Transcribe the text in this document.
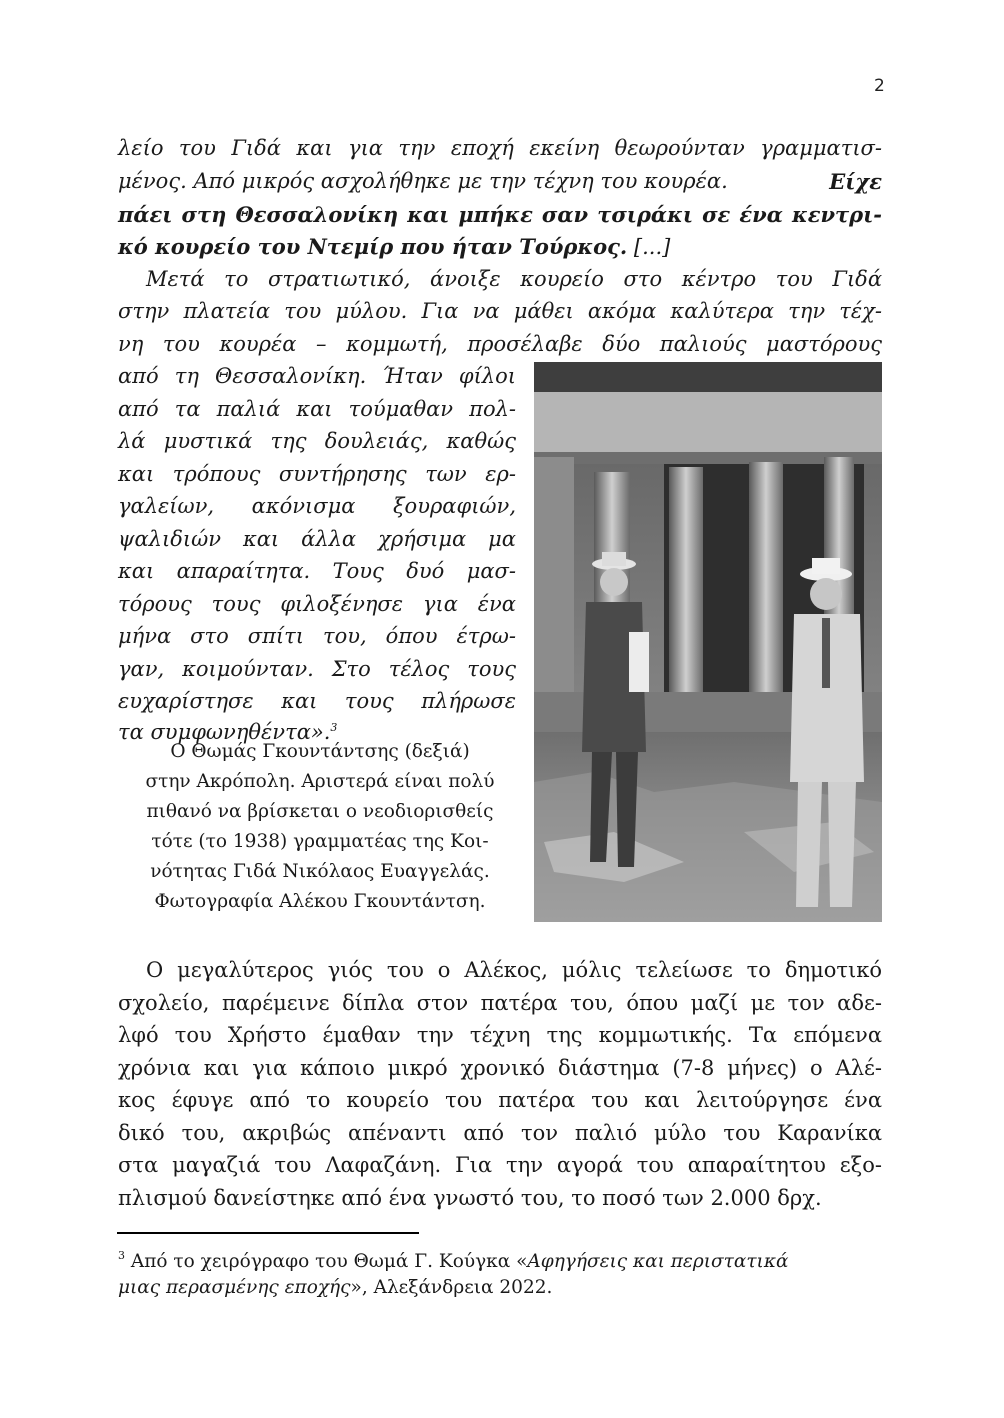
2
λείο του Γιδά και για την εποχή εκείνη θεωρούνταν γραμματισ-
μένος. Από μικρός ασχολήθηκε με την τέχνη του κουρέα.	Είχε
πάει στη Θεσσαλονίκη και μπήκε σαν τσιράκι σε ένα κεντρι-
κό κουρείο του Ντεμίρ που ήταν Τούρκος. [...]
Μετά το στρατιωτικό, άνοιξε κουρείο στο κέντρο του Γιδά
στην πλατεία του μύλου. Για να μάθει ακόμα καλύτερα την τέχ-
νη του κουρέα – κομμωτή, προσέλαβε δύο παλιούς μαστόρους
από τη Θεσσαλονίκη. Ήταν φίλοι
από τα παλιά και τούμαθαν πολ-
λά μυστικά της δουλειάς, καθώς
και τρόπους συντήρησης των ερ-
γαλείων, ακόνισμα ξουραφιών,
ψαλιδιών και άλλα χρήσιμα μα
και απαραίτητα. Τους δυό μασ-
τόρους τους φιλοξένησε για ένα
μήνα στο σπίτι του, όπου έτρω-
γαν, κοιμούνταν. Στο τέλος τους
ευχαρίστησε και τους πλήρωσε
τα συμφωνηθέντα».$^3$
Ο Θωμάς Γκουντάντσης (δεξιά)
στην Ακρόπολη. Αριστερά είναι πολύ
πιθανό να βρίσκεται ο νεοδιορισθείς
τότε (το 1938) γραμματέας της Κοι-
νότητας Γιδά Νικόλαος Ευαγγελάς.
Φωτογραφία Αλέκου Γκουντάντση.
Ο μεγαλύτερος γιός του ο Αλέκος, μόλις τελείωσε το δημοτικό
σχολείο, παρέμεινε δίπλα στον πατέρα του, όπου μαζί με τον αδε-
λφό του Χρήστο έμαθαν την τέχνη της κομμωτικής. Τα επόμενα
χρόνια και για κάποιο μικρό χρονικό διάστημα (7-8 μήνες) ο Αλέ-
κος έφυγε από το κουρείο του πατέρα του και λειτούργησε ένα
δικό του, ακριβώς απέναντι από τον παλιό μύλο του Καρανίκα
στα μαγαζιά του Λαφαζάνη. Για την αγορά του απαραίτητου εξο-
πλισμού δανείστηκε από ένα γνωστό του, το ποσό των 2.000 δρχ.
$^3$ Από το χειρόγραφο του Θωμά Γ. Κούγκα «Αφηγήσεις και περιστατικά
μιας περασμένης εποχής», Αλεξάνδρεια 2022.
